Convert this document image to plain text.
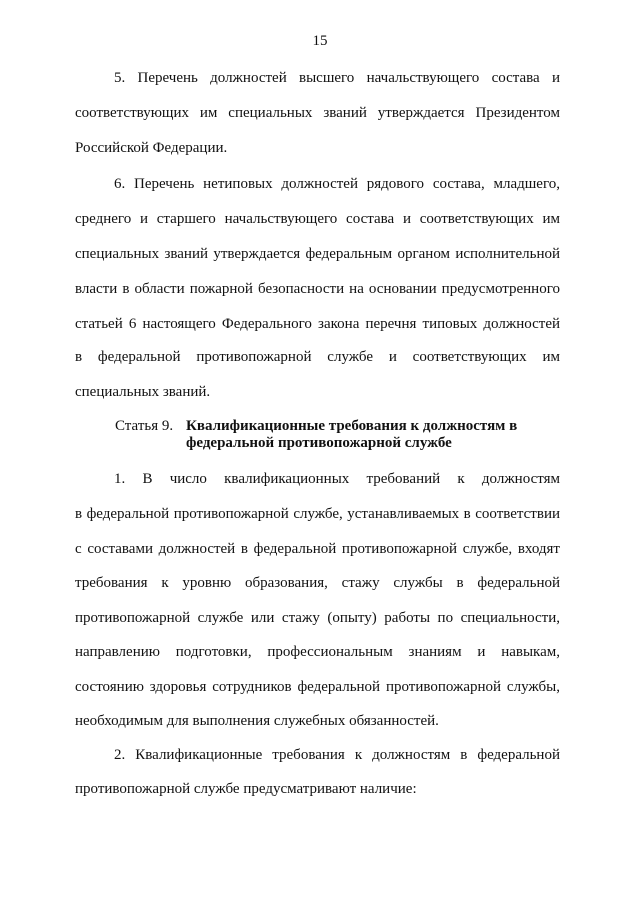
15
5. Перечень должностей высшего начальствующего состава и
соответствующих им специальных званий утверждается Президентом
Российской Федерации.
6. Перечень нетиповых должностей рядового состава, младшего,
среднего и старшего начальствующего состава и соответствующих им
специальных званий утверждается федеральным органом исполнительной
власти в области пожарной безопасности на основании предусмотренного
статьей 6 настоящего Федерального закона перечня типовых должностей
в федеральной противопожарной службе и соответствующих им
специальных званий.
Статья 9. Квалификационные требования к должностям в
федеральной противопожарной службе
1. В число квалификационных требований к должностям
в федеральной противопожарной службе, устанавливаемых в соответствии
с составами должностей в федеральной противопожарной службе, входят
требования к уровню образования, стажу службы в федеральной
противопожарной службе или стажу (опыту) работы по специальности,
направлению подготовки, профессиональным знаниям и навыкам,
состоянию здоровья сотрудников федеральной противопожарной службы,
необходимым для выполнения служебных обязанностей.
2. Квалификационные требования к должностям в федеральной
противопожарной службе предусматривают наличие:
